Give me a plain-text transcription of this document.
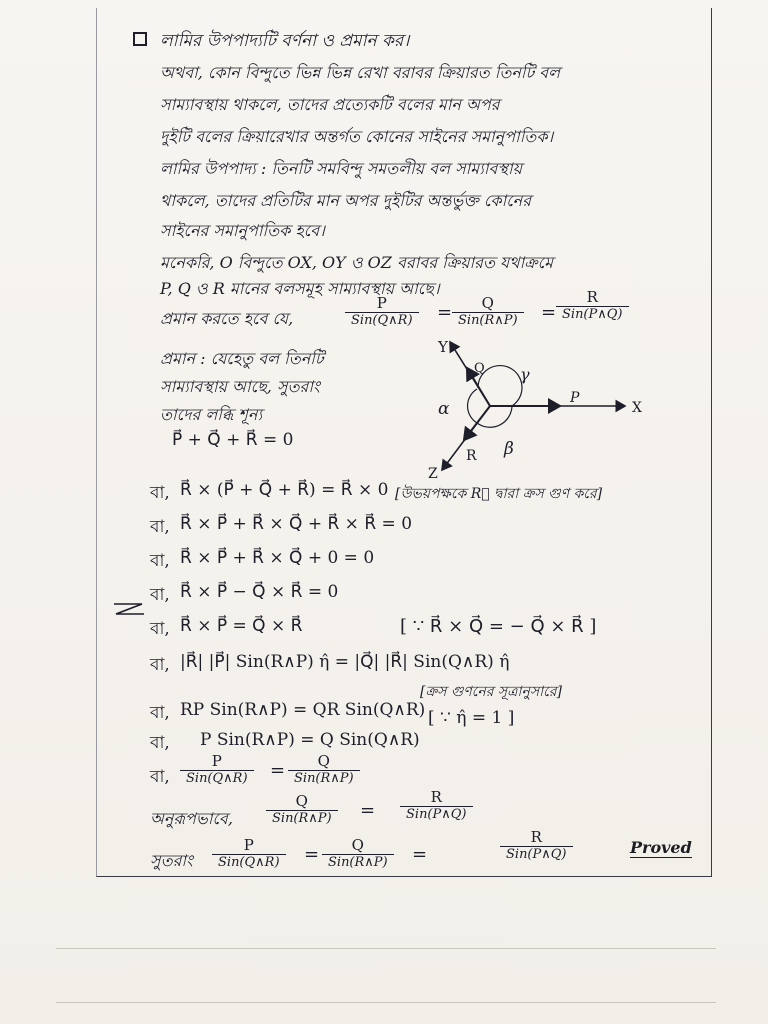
লামির উপপাদ্যটি বর্ণনা ও প্রমান কর।
অথবা, কোন বিন্দুতে ভিন্ন ভিন্ন রেখা বরাবর ক্রিয়ারত তিনটি বল
সাম্যাবস্থায় থাকলে, তাদের প্রত্যেকটি বলের মান অপর
দুইটি বলের ক্রিয়ারেখার অন্তর্গত কোনের সাইনের সমানুপাতিক।
লামির উপপাদ্য : তিনটি সমবিন্দু সমতলীয় বল সাম্যাবস্থায়
থাকলে, তাদের প্রতিটির মান অপর দুইটির অন্তর্ভুক্ত কোনের
সাইনের সমানুপাতিক হবে।
মনেকরি, O বিন্দুতে OX, OY ও OZ বরাবর ক্রিয়ারত যথাক্রমে
P, Q ও R মানের বলসমূহ সাম্যাবস্থায় আছে।
প্রমান করতে হবে যে,
P
Sin(Q∧R)	=	Q
Sin(R∧P)	=
R
Sin(P∧Q)
প্রমান : যেহেতু বল তিনটি
সাম্যাবস্থায় আছে, সুতরাং
তাদের লব্ধি শূন্য
P⃗ + Q⃗ + R⃗ = 0
Y
X
Z
Q
P
R
α
β
γ
বা, R⃗ × (P⃗ + Q⃗ + R⃗) = R⃗ × 0 [উভয়পক্ষকে R⃗ দ্বারা ক্রস গুণ করে]
বা, R⃗ × P⃗ + R⃗ × Q⃗ + R⃗ × R⃗ = 0
বা, R⃗ × P⃗ + R⃗ × Q⃗ + 0 = 0
বা, R⃗ × P⃗ − Q⃗ × R⃗ = 0
বা, R⃗ × P⃗ = Q⃗ × R⃗	[ ∵ R⃗ × Q⃗ = − Q⃗ × R⃗ ]
বা, |R⃗| |P⃗| Sin(R∧P) η̂ = |Q⃗| |R⃗| Sin(Q∧R) η̂
[ক্রস গুণনের সূত্রানুসারে]
বা, RP Sin(R∧P) = QR Sin(Q∧R)
বা, P Sin(R∧P) = Q Sin(Q∧R)
[ ∵ η̂ = 1 ]
বা,
P
Sin(Q∧R)	=	Q
Sin(R∧P)
অনুরূপভাবে,
Q
Sin(R∧P)	=
R
Sin(P∧Q)
সুতরাং
P
Sin(Q∧R)	=	Q
Sin(R∧P)	=
R
Sin(P∧Q)	Proved
